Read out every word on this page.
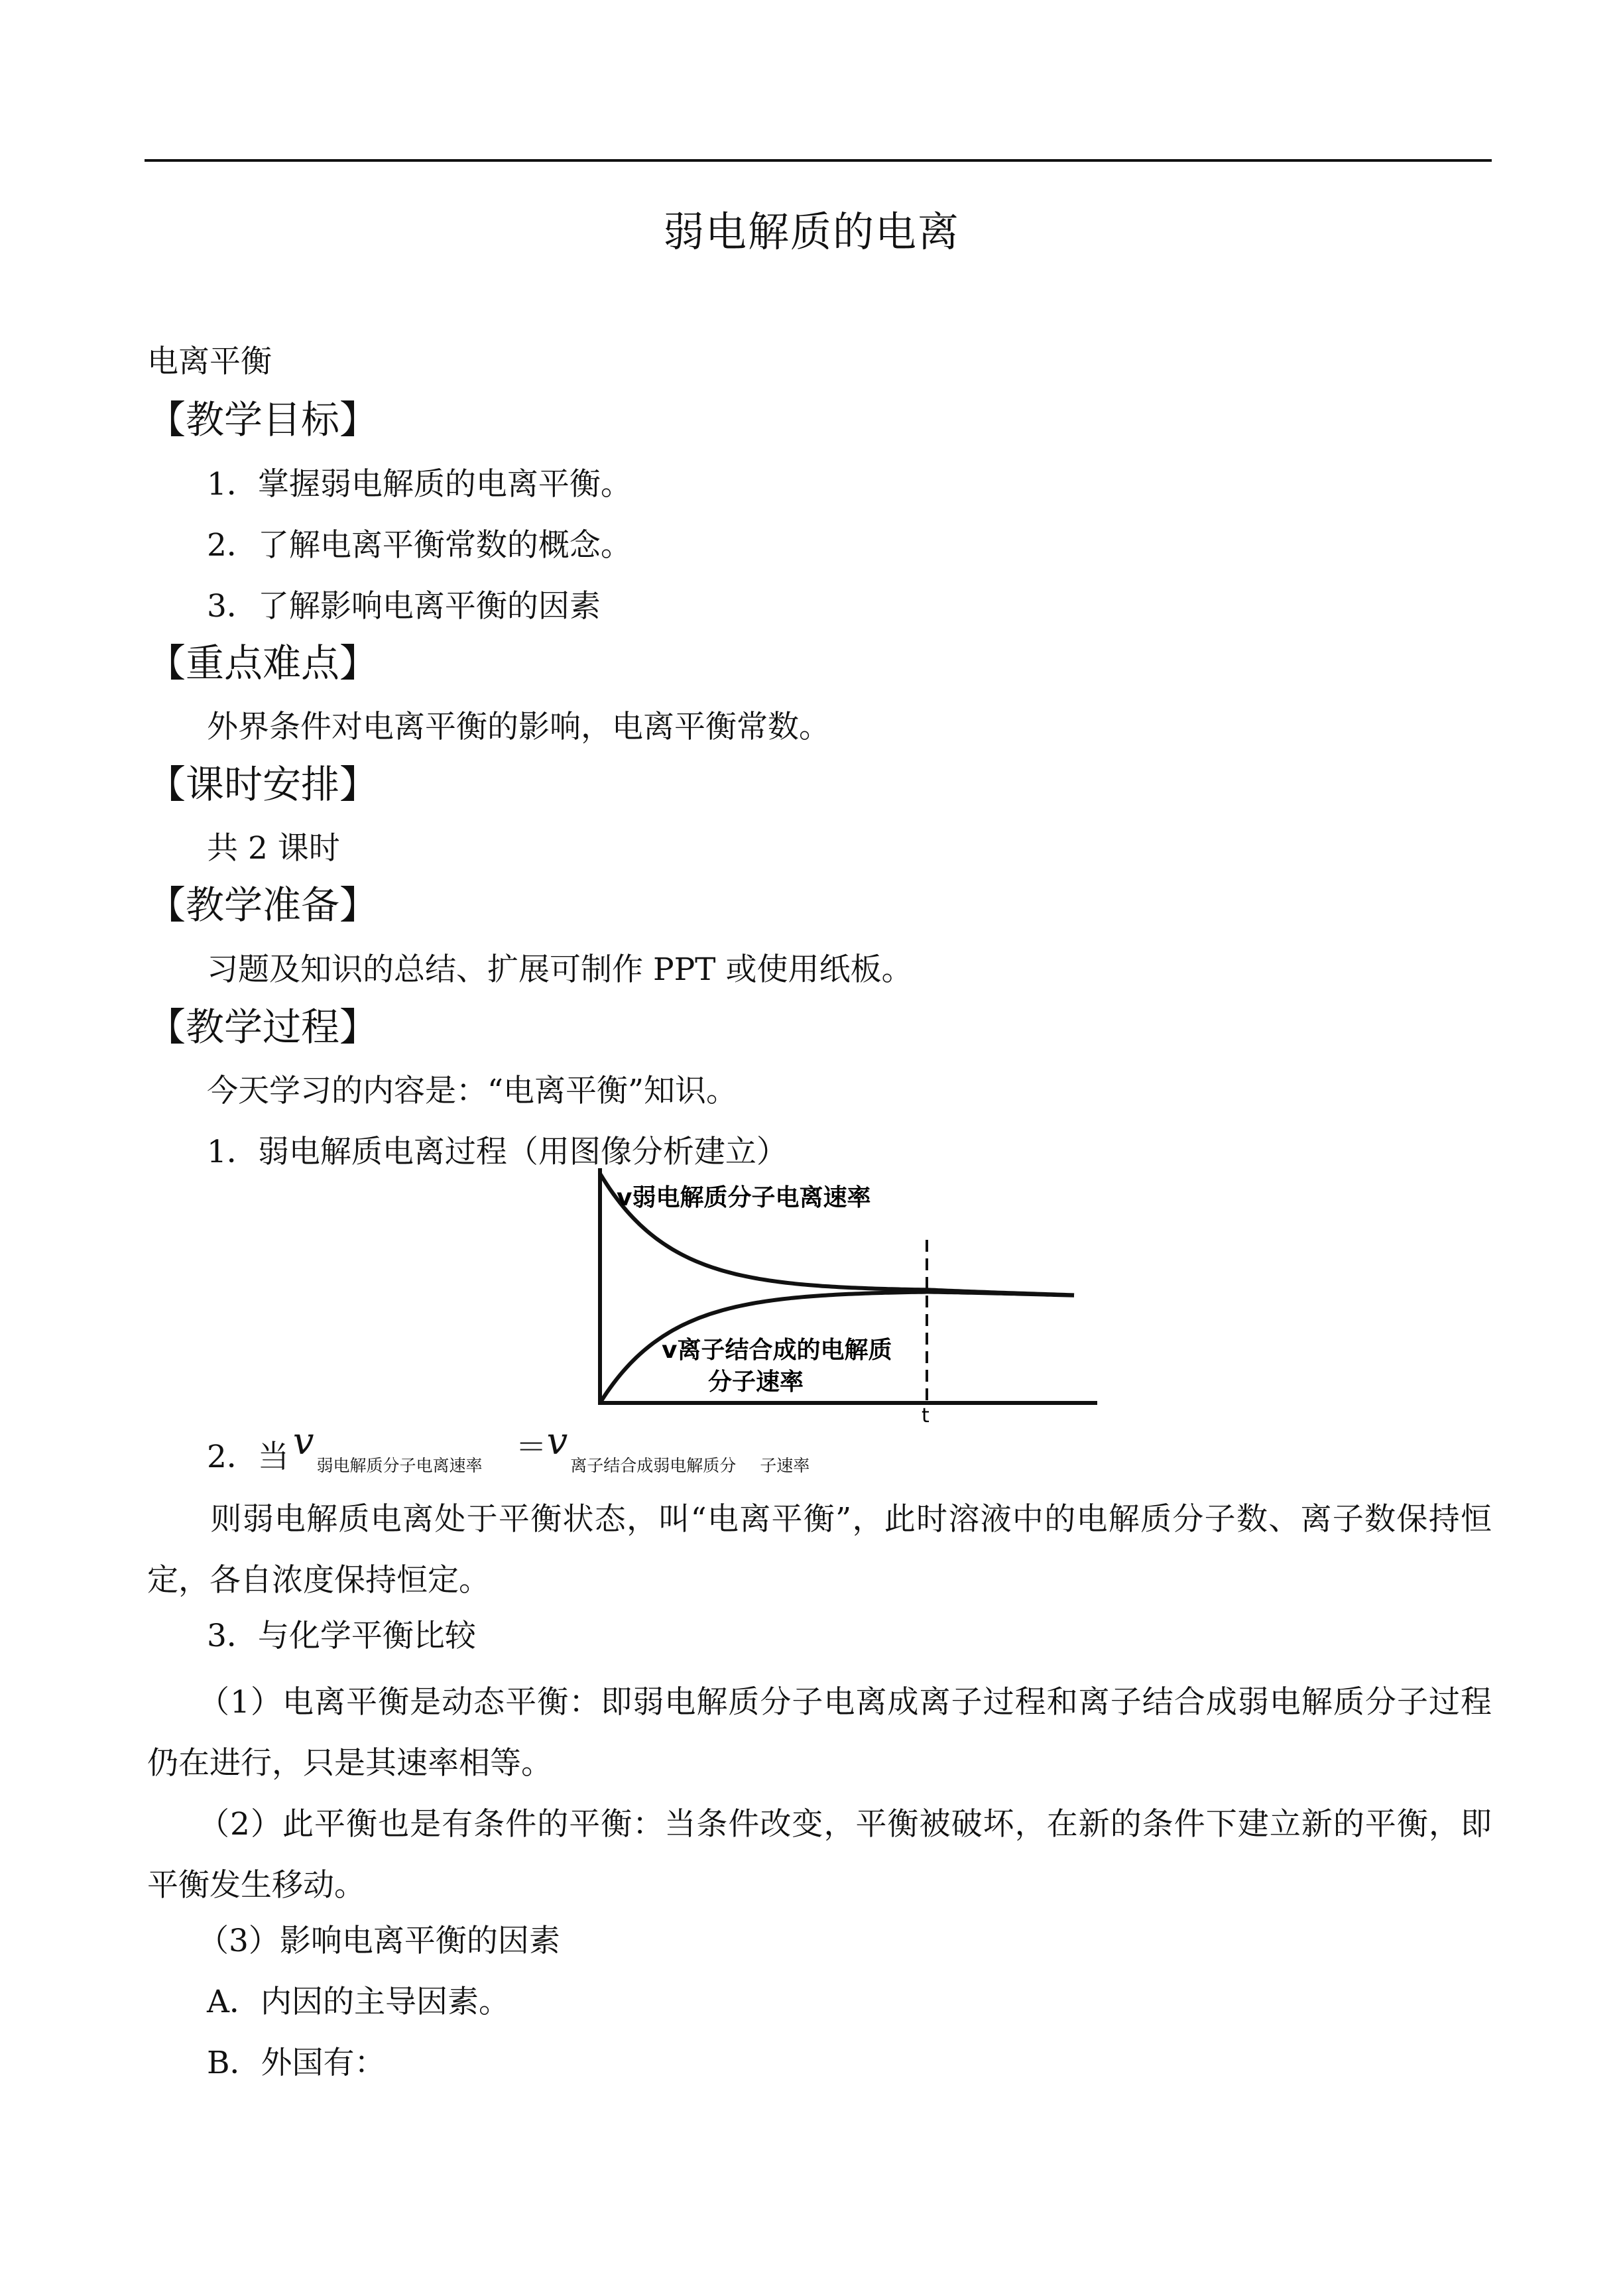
弱电解质的电离
电离平衡
【教学目标】
1．掌握弱电解质的电离平衡。
2．了解电离平衡常数的概念。
3．了解影响电离平衡的因素
【重点难点】
外界条件对电离平衡的影响，电离平衡常数。
【课时安排】
共 2 课时
【教学准备】
习题及知识的总结、扩展可制作 PPT 或使用纸板。
【教学过程】
今天学习的内容是：“电离平衡”知识。
1．弱电解质电离过程（用图像分析建立）
v弱电解质分子电离速率
v离子结合成的电解质
分子速率
t
2．当 v
弱电解质分子电离速率 ＝ v
离子结合成弱电解质分 子速率
则弱电解质电离处于平衡状态，叫“电离平衡”，此时溶液中的电解质分子数、离子数保持恒定，各自浓度保持恒定。
3．与化学平衡比较
（1）电离平衡是动态平衡：即弱电解质分子电离成离子过程和离子结合成弱电解质分子过程仍在进行，只是其速率相等。
（2）此平衡也是有条件的平衡：当条件改变，平衡被破坏，在新的条件下建立新的平衡，即平衡发生移动。
（3）影响电离平衡的因素
A．内因的主导因素。
B．外国有：
